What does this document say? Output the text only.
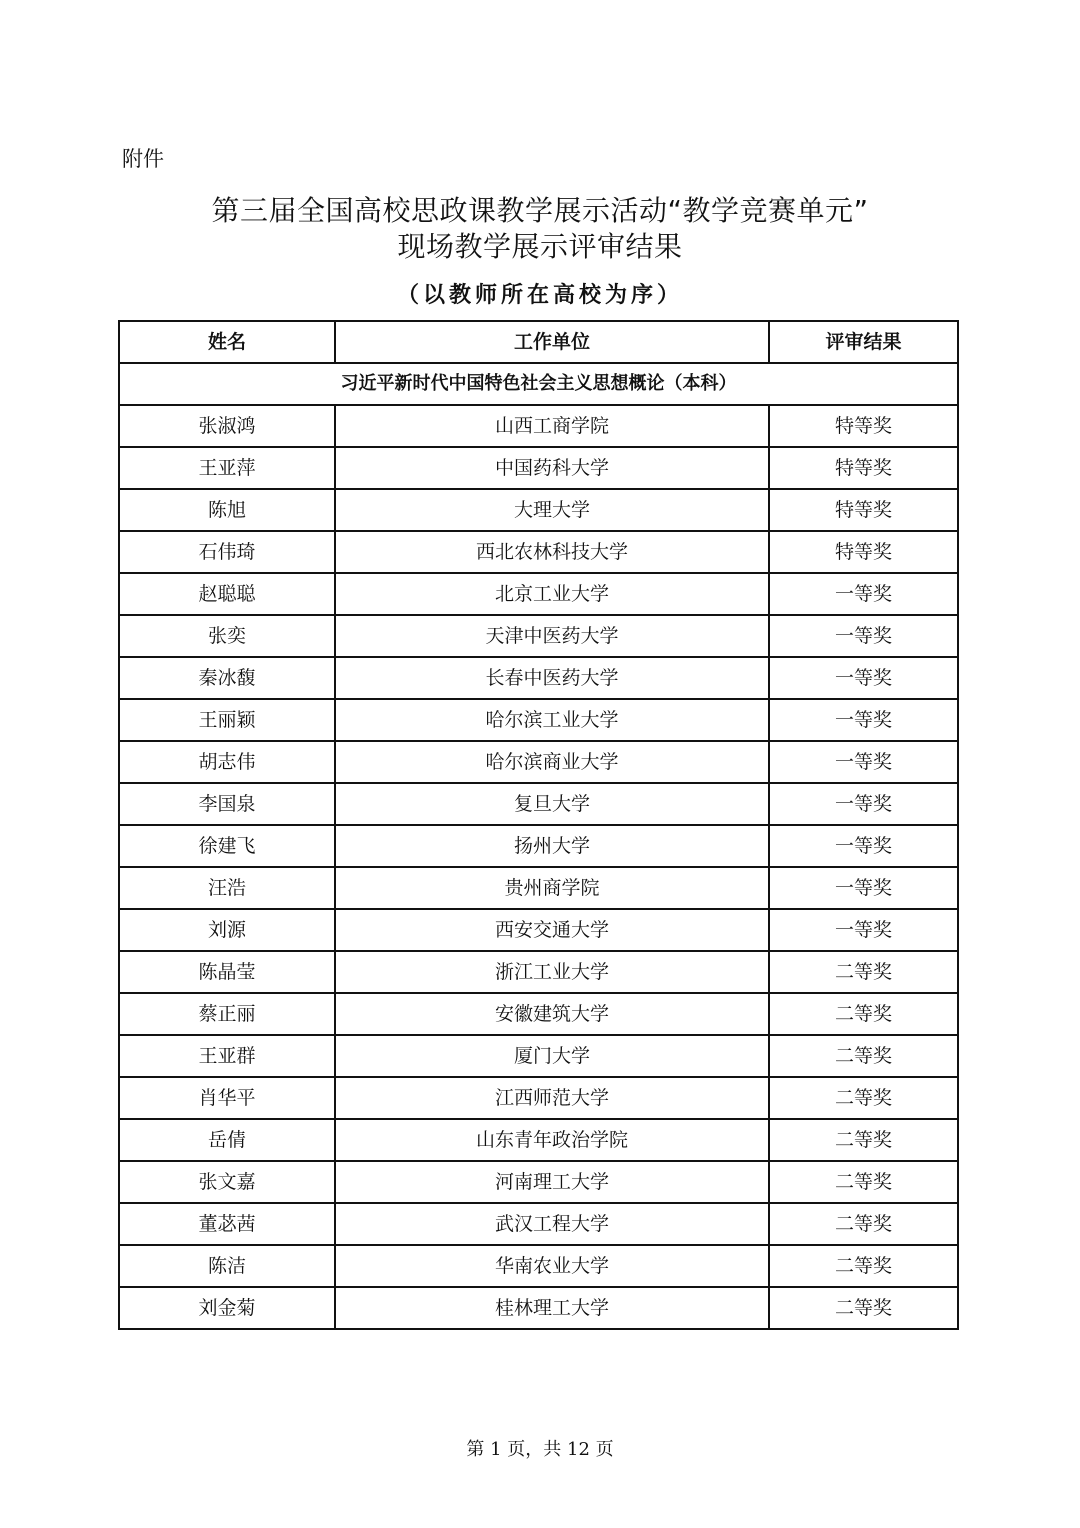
附件
第三届全国高校思政课教学展示活动“教学竞赛单元”
现场教学展示评审结果
（以教师所在高校为序）
姓名	工作单位	评审结果
习近平新时代中国特色社会主义思想概论（本科）		
张淑鸿	山西工商学院	特等奖
王亚萍	中国药科大学	特等奖
陈旭	大理大学	特等奖
石伟琦	西北农林科技大学	特等奖
赵聪聪	北京工业大学	一等奖
张奕	天津中医药大学	一等奖
秦冰馥	长春中医药大学	一等奖
王丽颖	哈尔滨工业大学	一等奖
胡志伟	哈尔滨商业大学	一等奖
李国泉	复旦大学	一等奖
徐建飞	扬州大学	一等奖
汪浩	贵州商学院	一等奖
刘源	西安交通大学	一等奖
陈晶莹	浙江工业大学	二等奖
蔡正丽	安徽建筑大学	二等奖
王亚群	厦门大学	二等奖
肖华平	江西师范大学	二等奖
岳倩	山东青年政治学院	二等奖
张文嘉	河南理工大学	二等奖
董苾茜	武汉工程大学	二等奖
陈洁	华南农业大学	二等奖
刘金菊	桂林理工大学	二等奖
第 1 页，共 12 页
